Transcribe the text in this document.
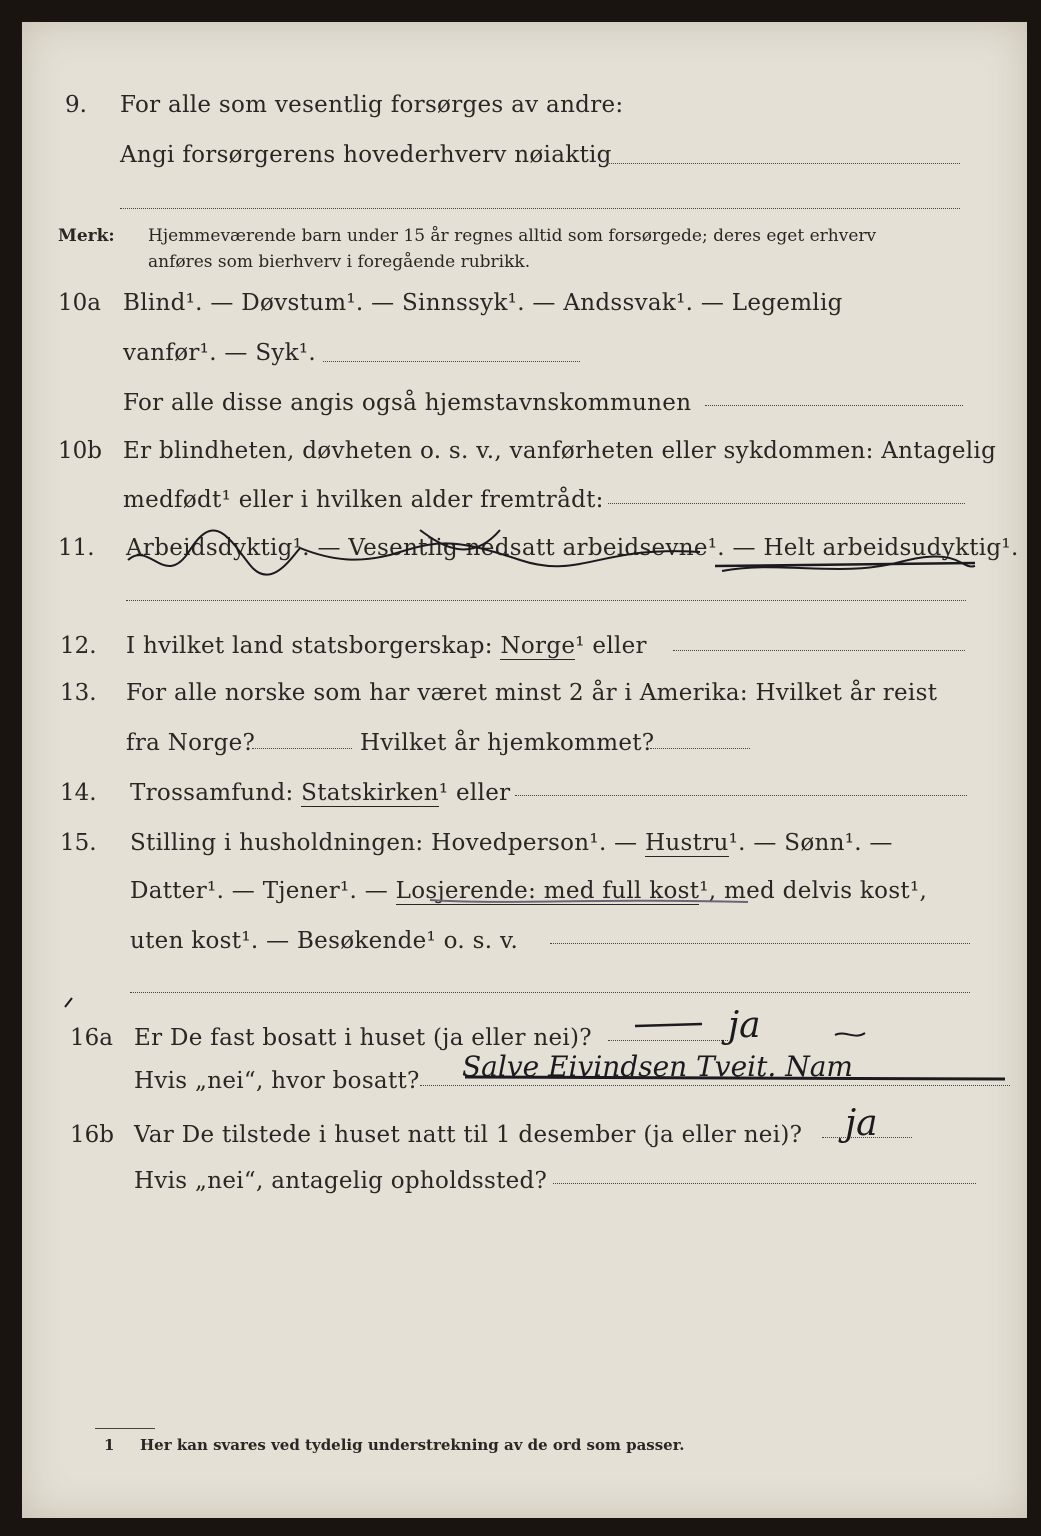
9. For alle som vesentlig forsørges av andre:
Angi forsørgerens hovederhverv nøiaktig
Merk: Hjemmeværende barn under 15 år regnes alltid som forsørgede; deres eget erhverv
anføres som bierhverv i foregående rubrikk.
10a Blind¹. — Døvstum¹. — Sinnssyk¹. — Andssvak¹. — Legemlig
vanfør¹. — Syk¹.
For alle disse angis også hjemstavnskommunen
10b Er blindheten, døvheten o. s. v., vanførheten eller sykdommen: Antagelig
medfødt¹ eller i hvilken alder fremtrådt:
11. Arbeidsdyktig¹. — Vesentlig nedsatt arbeidsevne¹. — Helt arbeidsudyktig¹.
12. I hvilket land statsborgerskap: Norge¹ eller
13. For alle norske som har været minst 2 år i Amerika: Hvilket år reist
fra Norge?	Hvilket år hjemkommet?
14. Trossamfund: Statskirken¹ eller
15. Stilling i husholdningen: Hovedperson¹. — Hustru¹. — Sønn¹. —
Datter¹. — Tjener¹. — Losjerende: med full kost¹, med delvis kost¹,
uten kost¹. — Besøkende¹ o. s. v.
16a Er De fast bosatt i huset (ja eller nei)?	ja
Hvis „nei“, hvor bosatt? Salve Eivindsen Tveit. Nam
16b Var De tilstede i huset natt til 1 desember (ja eller nei)? ja
Hvis „nei“, antagelig opholdssted?
1 Her kan svares ved tydelig understrekning av de ord som passer.
